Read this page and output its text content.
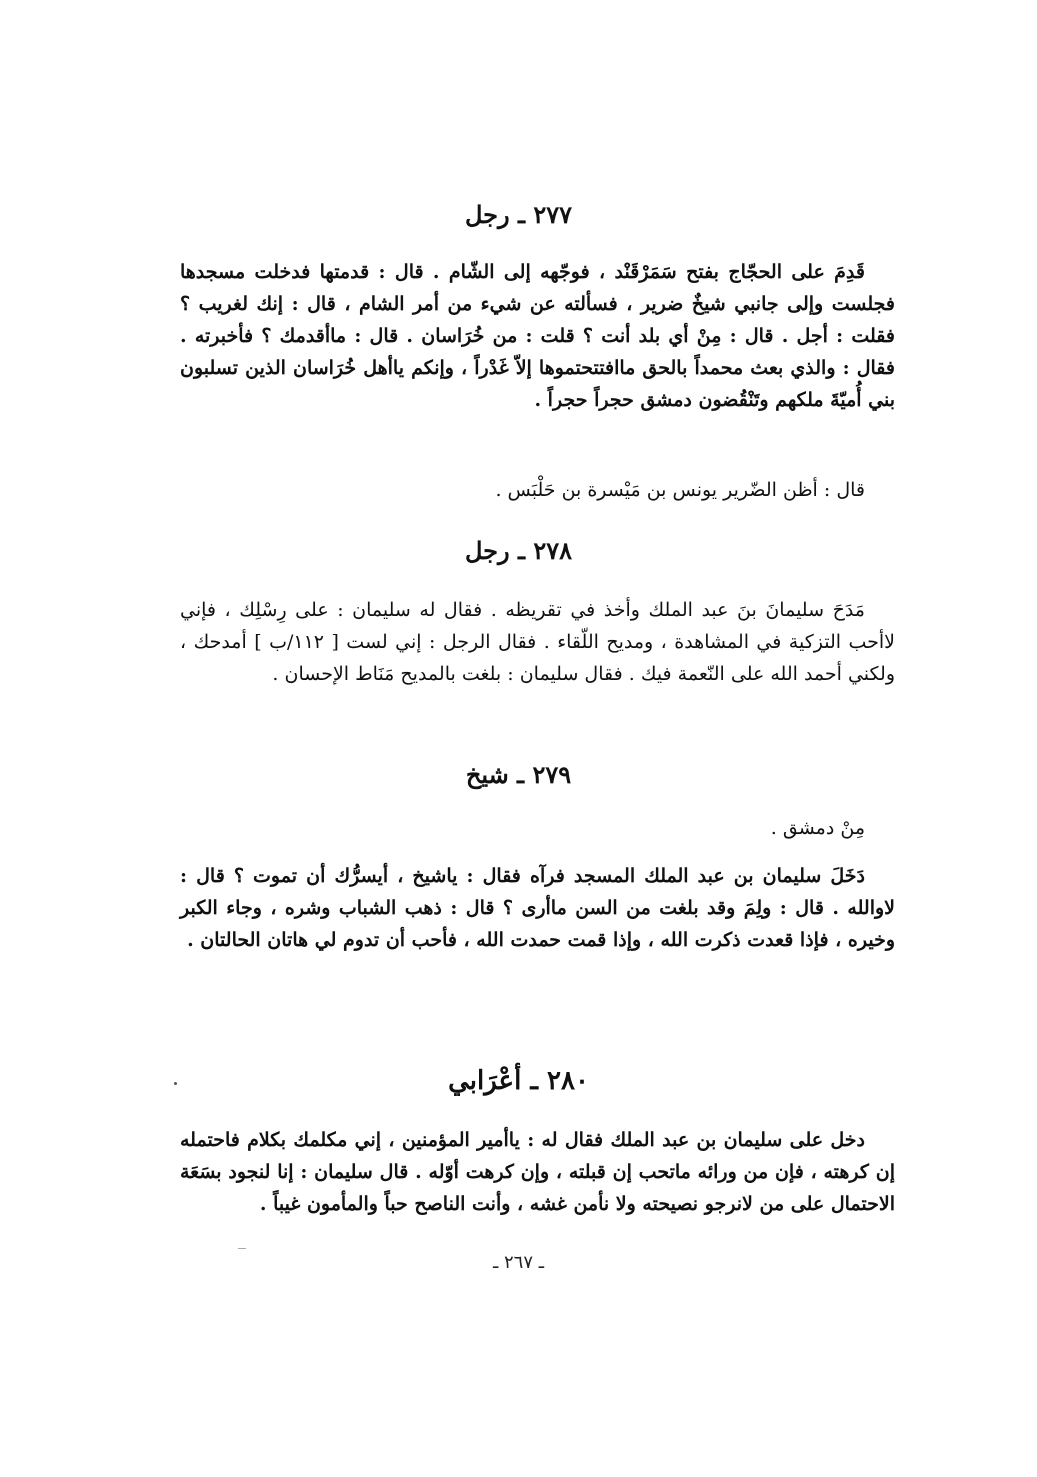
٢٧٧ ـ رجل

قَدِمَ على الحجّاج بفتح سَمَرْقَنْد ، فوجّهه إلى الشّام . قال : قدمتها فدخلت مسجدها فجلست وإلى جانبي شيخٌ ضرير ، فسألته عن شيء من أمر الشام ، قال : إنك لغريب ؟ فقلت : أجل . قال : مِنْ أي بلد أنت ؟ قلت : من خُرَاسان . قال : ماأقدمك ؟ فأخبرته . فقال : والذي بعث محمداً بالحق ماافتتحتموها إلاّ غَدْراً ، وإنكم ياأهل خُرَاسان الذين تسلبون بني أُميّةَ ملكهم وتَنْقُضون دمشق حجراً حجراً .

قال : أظن الضّرير يونس بن مَيْسرة بن حَلْبَس .

٢٧٨ ـ رجل

مَدَحَ سليمانَ بنَ عبد الملك وأخذ في تقريظه . فقال له سليمان : على رِسْلِك ، فإني لاأحب التزكية في المشاهدة ، ومديح اللّقاء . فقال الرجل : إني لست [ ١١٢/ب ] أمدحك ، ولكني أحمد الله على النّعمة فيك . فقال سليمان : بلغت بالمديح مَنَاط الإحسان .

٢٧٩ ـ شيخ

مِنْ دمشق .

دَخَلَ سليمان بن عبد الملك المسجد فرآه فقال : ياشيخ ، أيسرُّك أن تموت ؟ قال : لاوالله . قال : ولِمَ وقد بلغت من السن ماأرى ؟ قال : ذهب الشباب وشره ، وجاء الكبر وخيره ، فإذا قعدت ذكرت الله ، وإذا قمت حمدت الله ، فأحب أن تدوم لي هاتان الحالتان .

٢٨٠ ـ أعْرَابي

دخل على سليمان بن عبد الملك فقال له : ياأمير المؤمنين ، إني مكلمك بكلام فاحتمله إن كرهته ، فإن من ورائه ماتحب إن قبلته ، وإن كرهت أوّله . قال سليمان : إنا لنجود بسَعَة الاحتمال على من لانرجو نصيحته ولا نأمن غشه ، وأنت الناصح حباً والمأمون غيباً .

ـ ٢٦٧ ـ
